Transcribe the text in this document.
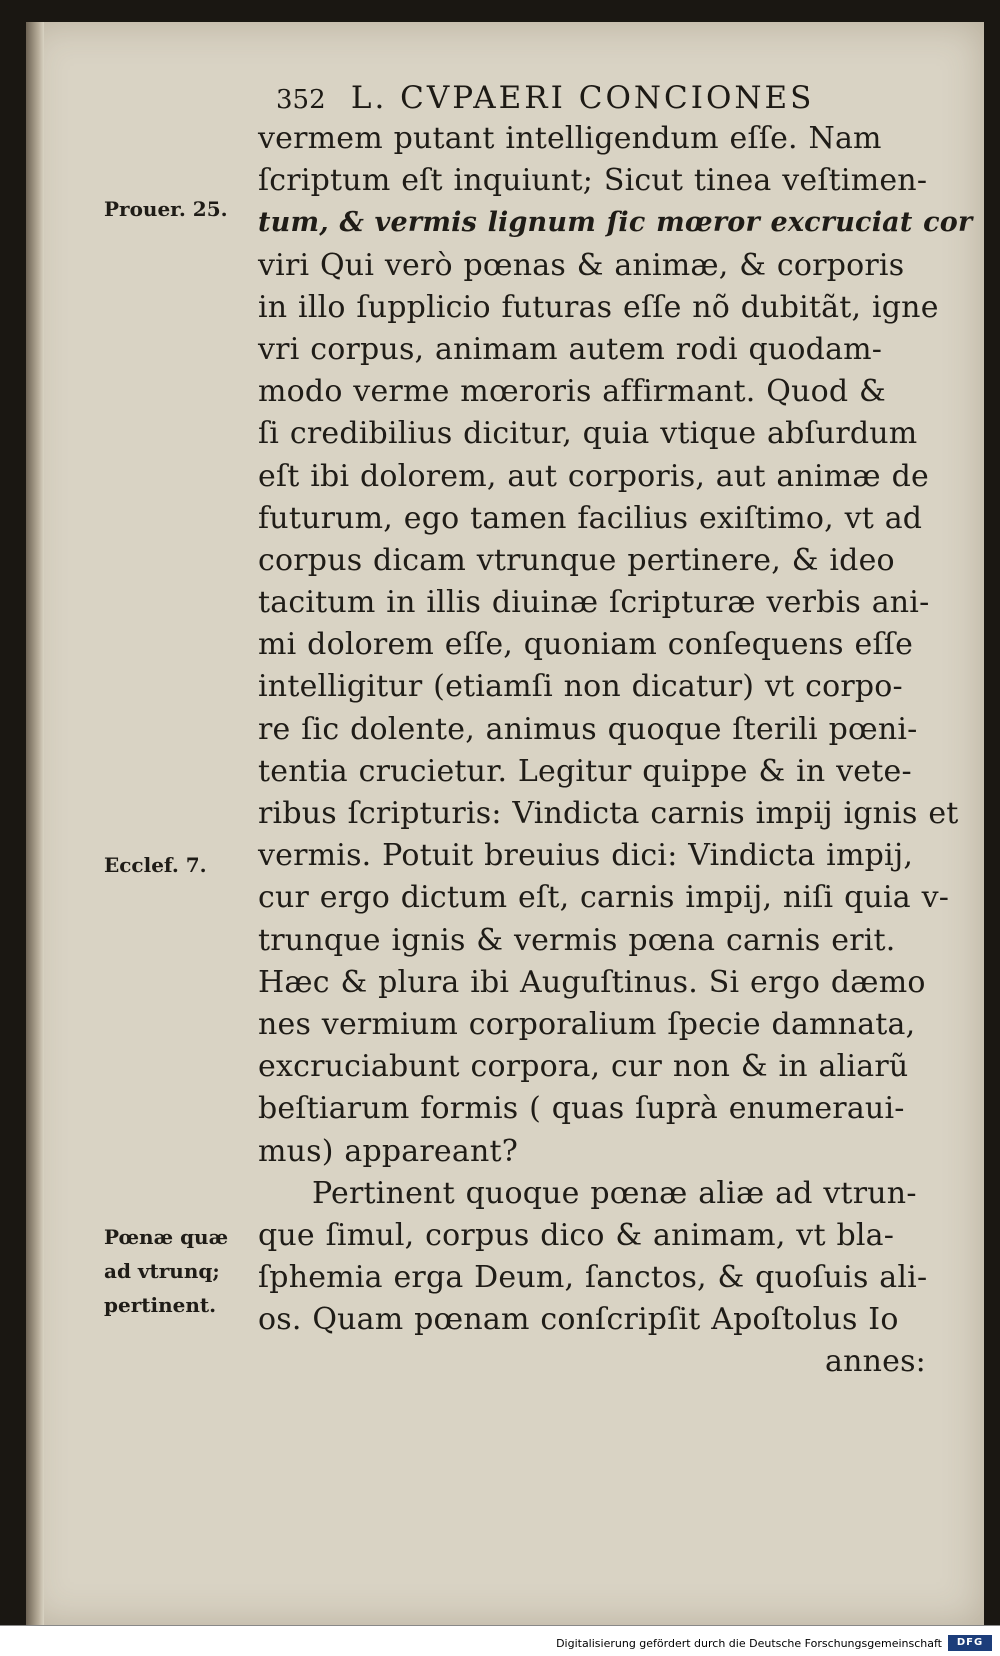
352 L. CVPAERI CONCIONES
Prouer. 25.
Ecclef. 7.
Pœnæ quæ
ad vtrunq;
pertinent.
vermem putant intelligendum eſſe. Nam
ſcriptum eſt inquiunt; Sicut tinea veſtimen-
tum, & vermis lignum ſic mœror excruciat cor
viri Qui verò pœnas & animæ, & corporis
in illo ſupplicio futuras eſſe nõ dubitãt, igne
vri corpus, animam autem rodi quodam-
modo verme mœroris affirmant. Quod &
ſi credibilius dicitur, quia vtique abſurdum
eſt ibi dolorem, aut corporis, aut animæ de
futurum, ego tamen facilius exiſtimo, vt ad
corpus dicam vtrunque pertinere, & ideo
tacitum in illis diuinæ ſcripturæ verbis ani-
mi dolorem eſſe, quoniam conſequens eſſe
intelligitur (etiamſi non dicatur) vt corpo-
re ſic dolente, animus quoque ſterili pœni-
tentia crucietur. Legitur quippe & in vete-
ribus ſcripturis: Vindicta carnis impij ignis et
vermis. Potuit breuius dici: Vindicta impij,
cur ergo dictum eſt, carnis impij, niſi quia v-
trunque ignis & vermis pœna carnis erit.
Hæc & plura ibi Auguſtinus. Si ergo dæmo
nes vermium corporalium ſpecie damnata,
excruciabunt corpora, cur non & in aliarũ
beſtiarum formis ( quas ſuprà enumeraui-
mus) appareant?
Pertinent quoque pœnæ aliæ ad vtrun-
que ſimul, corpus dico & animam, vt bla-
ſphemia erga Deum, ſanctos, & quoſuis ali-
os. Quam pœnam conſcripſit Apoſtolus Io
annes:
Digitalisierung gefördert durch die Deutsche Forschungsgemeinschaft	DFG
